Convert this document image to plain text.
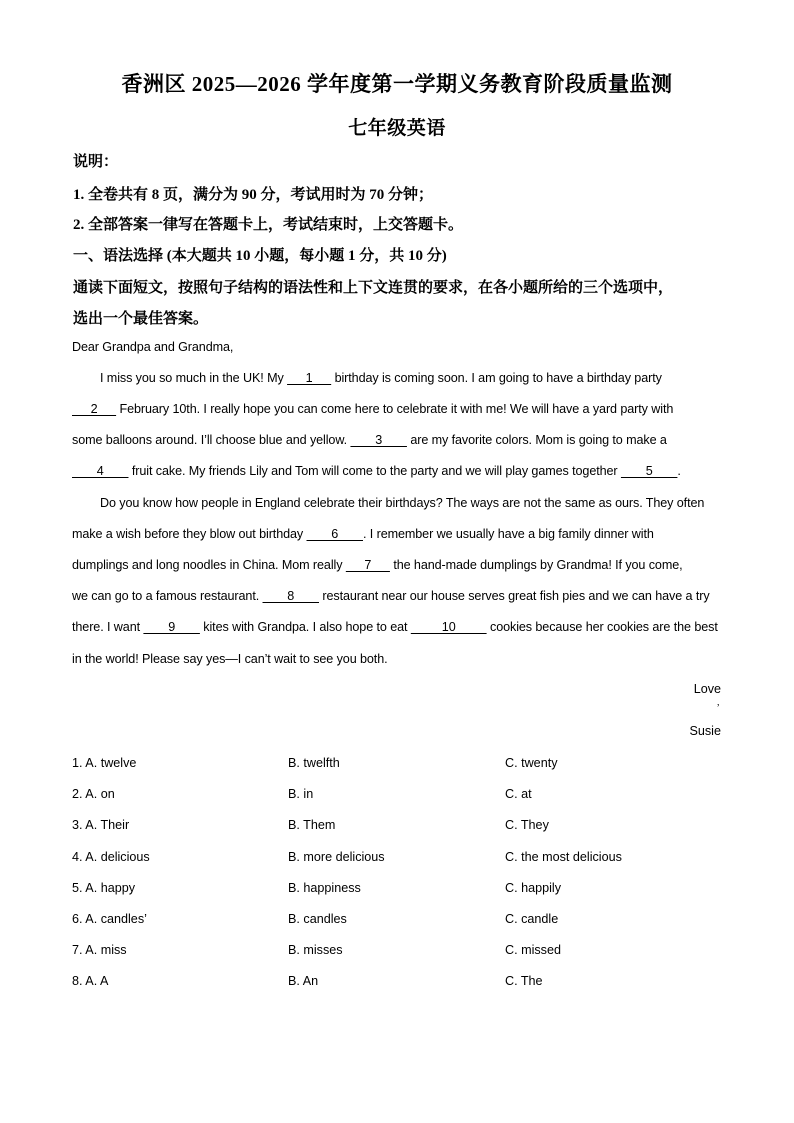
香洲区 2025—2026 学年度第一学期义务教育阶段质量监测
七年级英语
说明：
1. 全卷共有 8 页，满分为 90 分，考试用时为 70 分钟；
2. 全部答案一律写在答题卡上，考试结束时，上交答题卡。
一、语法选择 (本大题共 10 小题，每小题 1 分，共 10 分)
通读下面短文，按照句子结构的语法性和上下文连贯的要求，在各小题所给的三个选项中，
选出一个最佳答案。
Dear Grandpa and Grandma,
I miss you so much in the UK! My    1    birthday is coming soon. I am going to have a birthday party
   2    February 10th. I really hope you can come here to celebrate it with me! We will have a yard party with
some balloons around. I’ll choose blue and yellow.     3     are my favorite colors. Mom is going to make a
    4     fruit cake. My friends Lily and Tom will come to the party and we will play games together     5    .
Do you know how people in England celebrate their birthdays? The ways are not the same as ours. They often
make a wish before they blow out birthday     6    . I remember we usually have a big family dinner with
dumplings and long noodles in China. Mom really    7    the hand-made dumplings by Grandma! If you come,
we can go to a famous restaurant.     8     restaurant near our house serves great fish pies and we can have a try
there. I want     9     kites with Grandpa. I also hope to eat      10      cookies because her cookies are the best
in the world! Please say yes—I can’t wait to see you both.
Love
,
Susie
1. A. twelve	B. twelfth	C. twenty
2. A. on	B. in	C. at
3. A. Their	B. Them	C. They
4. A. delicious	B. more delicious	C. the most delicious
5. A. happy	B. happiness	C. happily
6. A. candles’	B. candles	C. candle
7. A. miss	B. misses	C. missed
8. A. A	B. An	C. The
